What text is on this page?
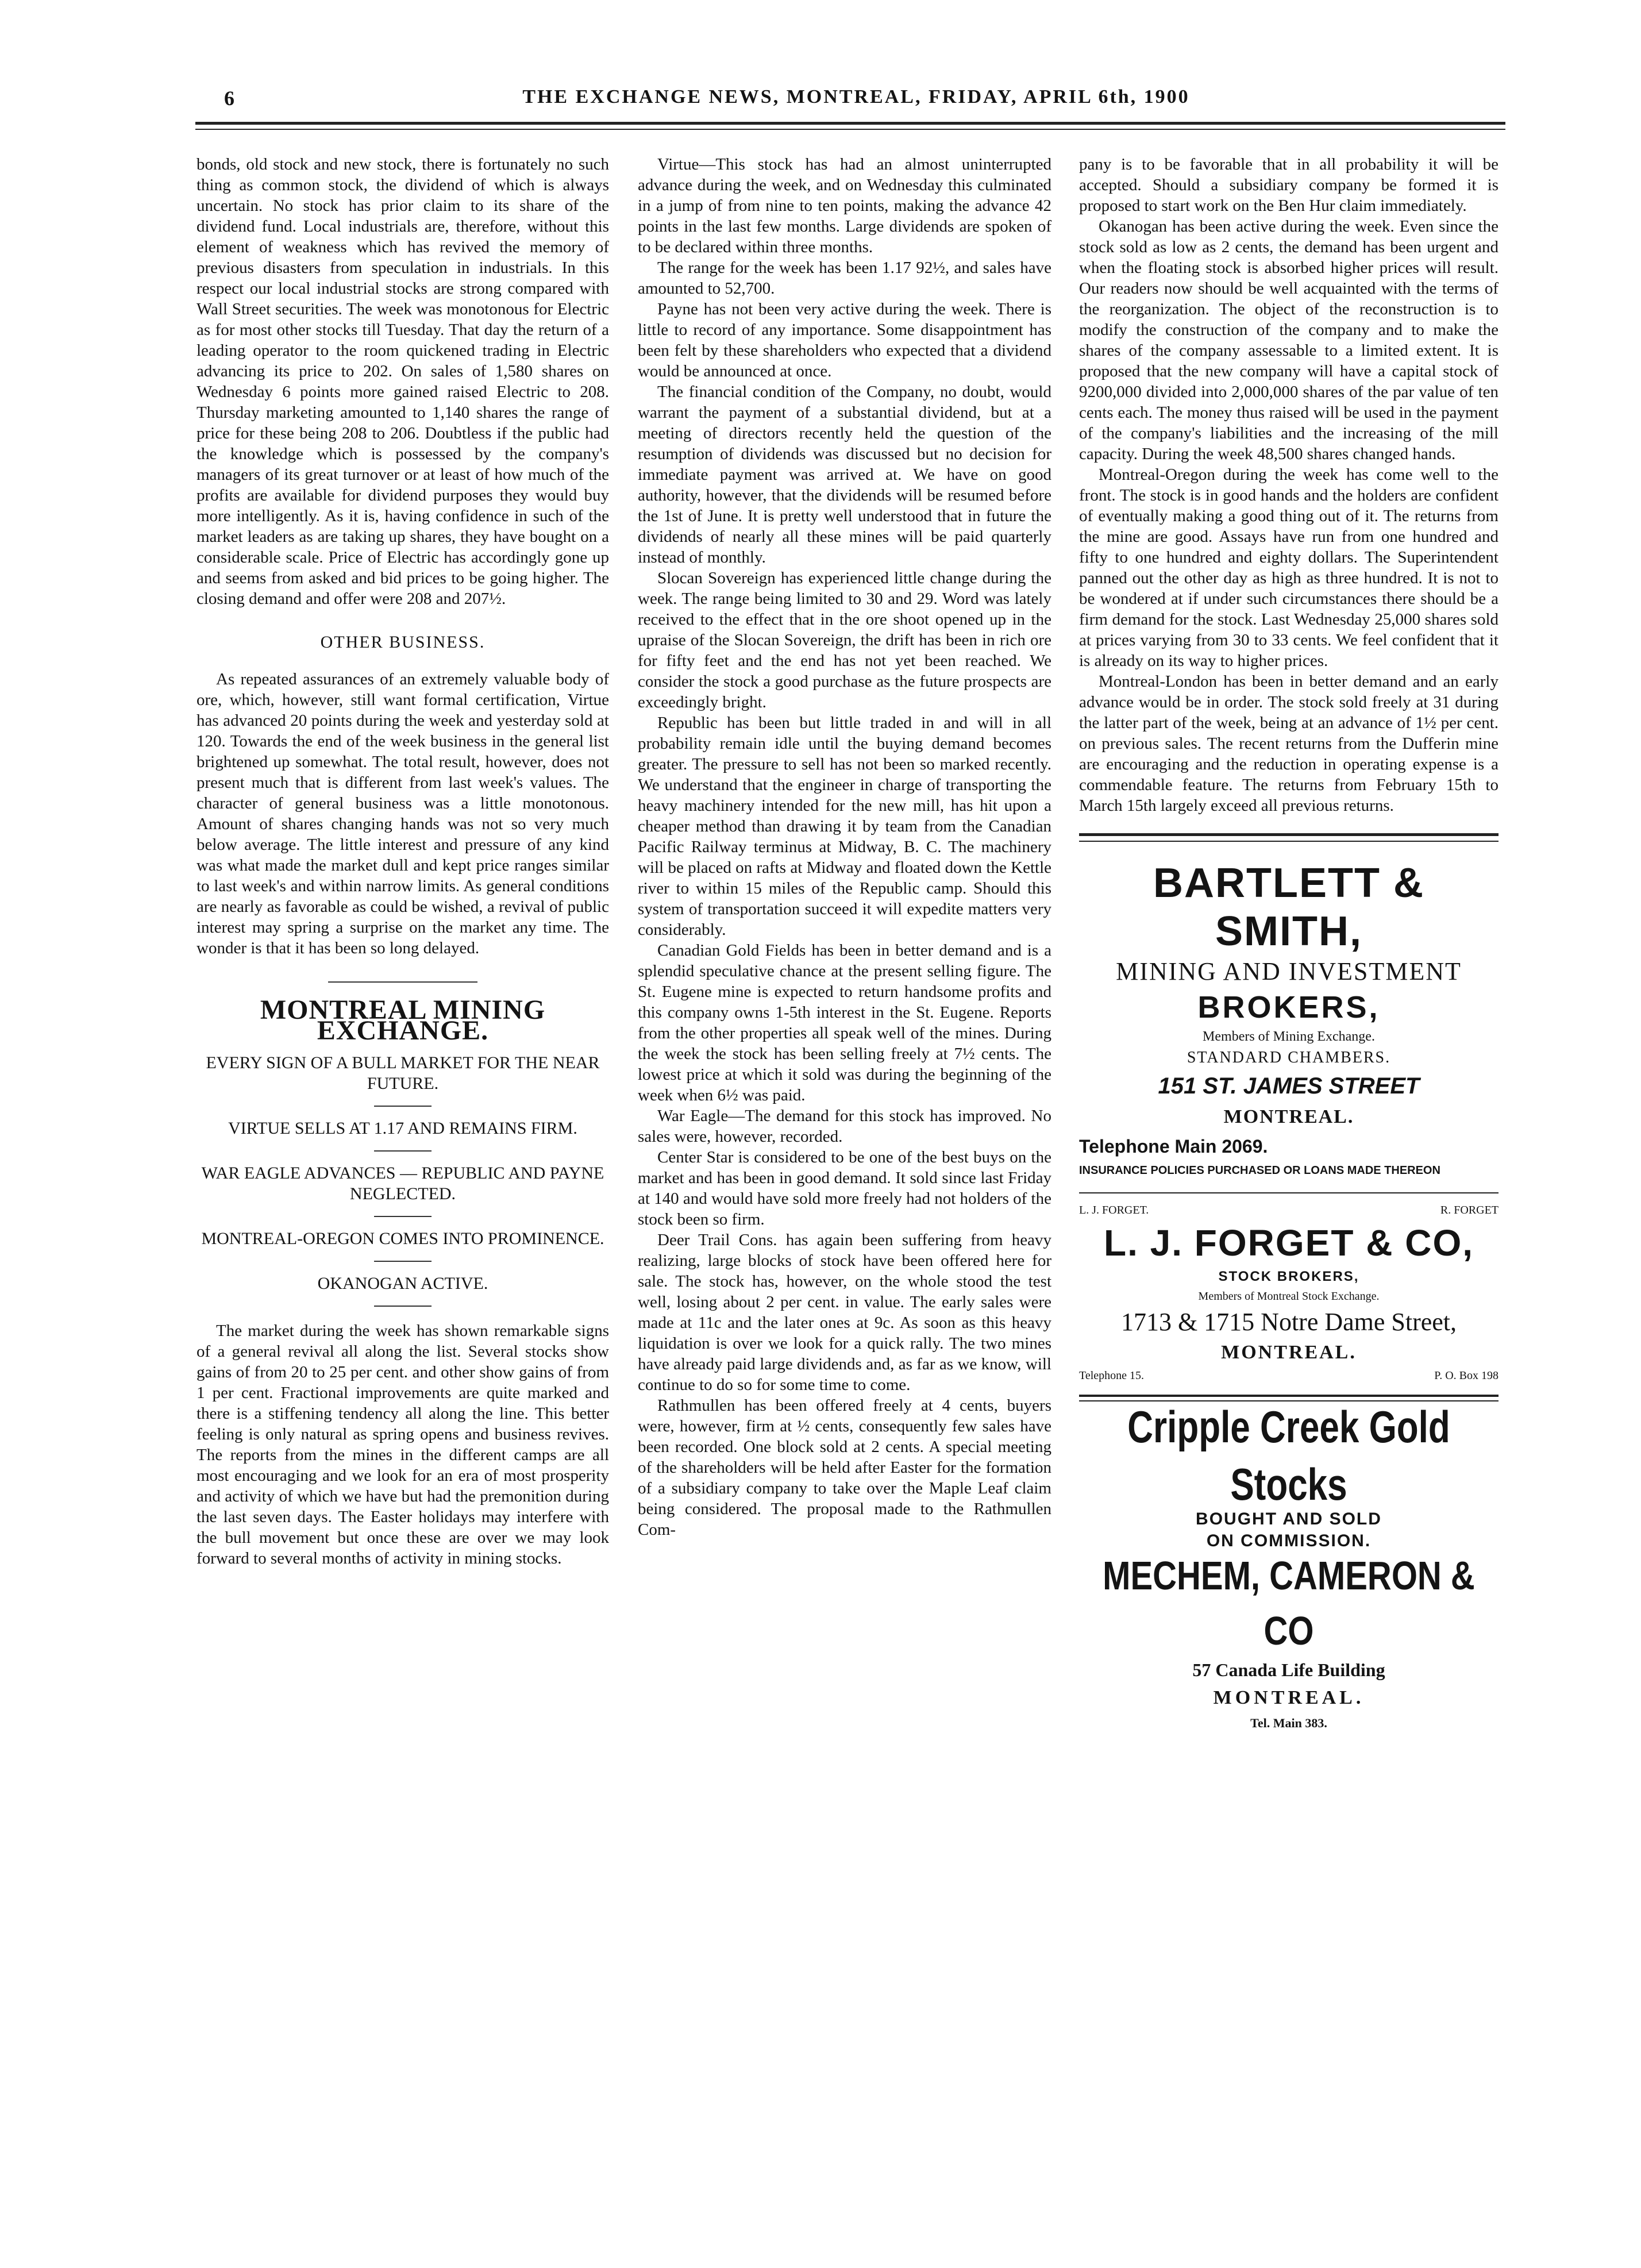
6	THE EXCHANGE NEWS, MONTREAL, FRIDAY, APRIL 6th, 1900

bonds, old stock and new stock, there is fortunately no such thing as common stock, the dividend of which is always uncertain. No stock has prior claim to its share of the dividend fund. Local industrials are, therefore, without this element of weakness which has revived the memory of previous disasters from speculation in industrials. In this respect our local industrial stocks are strong compared with Wall Street securities. The week was monotonous for Electric as for most other stocks till Tuesday. That day the return of a leading operator to the room quickened trading in Electric advancing its price to 202. On sales of 1,580 shares on Wednesday 6 points more gained raised Electric to 208. Thursday marketing amounted to 1,140 shares the range of price for these being 208 to 206. Doubtless if the public had the knowledge which is possessed by the company's managers of its great turnover or at least of how much of the profits are available for dividend purposes they would buy more intelligently. As it is, having confidence in such of the market leaders as are taking up shares, they have bought on a considerable scale. Price of Electric has accordingly gone up and seems from asked and bid prices to be going higher. The closing demand and offer were 208 and 207½.

OTHER BUSINESS.

As repeated assurances of an extremely valuable body of ore, which, however, still want formal certification, Virtue has advanced 20 points during the week and yesterday sold at 120. Towards the end of the week business in the general list brightened up somewhat. The total result, however, does not present much that is different from last week's values. The character of general business was a little monotonous. Amount of shares changing hands was not so very much below average. The little interest and pressure of any kind was what made the market dull and kept price ranges similar to last week's and within narrow limits. As general conditions are nearly as favorable as could be wished, a revival of public interest may spring a surprise on the market any time. The wonder is that it has been so long delayed.

MONTREAL MINING EXCHANGE.
EVERY SIGN OF A BULL MARKET FOR THE NEAR FUTURE.
VIRTUE SELLS AT 1.17 AND REMAINS FIRM.
WAR EAGLE ADVANCES — REPUBLIC AND PAYNE NEGLECTED.
MONTREAL-OREGON COMES INTO PROMINENCE.
OKANOGAN ACTIVE.

The market during the week has shown remarkable signs of a general revival all along the list. Several stocks show gains of from 20 to 25 per cent. and other show gains of from 1 per cent. Fractional improvements are quite marked and there is a stiffening tendency all along the line. This better feeling is only natural as spring opens and business revives. The reports from the mines in the different camps are all most encouraging and we look for an era of most prosperity and activity of which we have but had the premonition during the last seven days. The Easter holidays may interfere with the bull movement but once these are over we may look forward to several months of activity in mining stocks.

Virtue—This stock has had an almost uninterrupted advance during the week, and on Wednesday this culminated in a jump of from nine to ten points, making the advance 42 points in the last few months. Large dividends are spoken of to be declared within three months.

The range for the week has been 1.17 92½, and sales have amounted to 52,700.

Payne has not been very active during the week. There is little to record of any importance. Some disappointment has been felt by these shareholders who expected that a dividend would be announced at once.

The financial condition of the Company, no doubt, would warrant the payment of a substantial dividend, but at a meeting of directors recently held the question of the resumption of dividends was discussed but no decision for immediate payment was arrived at. We have on good authority, however, that the dividends will be resumed before the 1st of June. It is pretty well understood that in future the dividends of nearly all these mines will be paid quarterly instead of monthly.

Slocan Sovereign has experienced little change during the week. The range being limited to 30 and 29. Word was lately received to the effect that in the ore shoot opened up in the upraise of the Slocan Sovereign, the drift has been in rich ore for fifty feet and the end has not yet been reached. We consider the stock a good purchase as the future prospects are exceedingly bright.

Republic has been but little traded in and will in all probability remain idle until the buying demand becomes greater. The pressure to sell has not been so marked recently. We understand that the engineer in charge of transporting the heavy machinery intended for the new mill, has hit upon a cheaper method than drawing it by team from the Canadian Pacific Railway terminus at Midway, B. C. The machinery will be placed on rafts at Midway and floated down the Kettle river to within 15 miles of the Republic camp. Should this system of transportation succeed it will expedite matters very considerably.

Canadian Gold Fields has been in better demand and is a splendid speculative chance at the present selling figure. The St. Eugene mine is expected to return handsome profits and this company owns 1-5th interest in the St. Eugene. Reports from the other properties all speak well of the mines. During the week the stock has been selling freely at 7½ cents. The lowest price at which it sold was during the beginning of the week when 6½ was paid.

War Eagle—The demand for this stock has improved. No sales were, however, recorded.

Center Star is considered to be one of the best buys on the market and has been in good demand. It sold since last Friday at 140 and would have sold more freely had not holders of the stock been so firm.

Deer Trail Cons. has again been suffering from heavy realizing, large blocks of stock have been offered here for sale. The stock has, however, on the whole stood the test well, losing about 2 per cent. in value. The early sales were made at 11c and the later ones at 9c. As soon as this heavy liquidation is over we look for a quick rally. The two mines have already paid large dividends and, as far as we know, will continue to do so for some time to come.

Rathmullen has been offered freely at 4 cents, buyers were, however, firm at ½ cents, consequently few sales have been recorded. One block sold at 2 cents. A special meeting of the shareholders will be held after Easter for the formation of a subsidiary company to take over the Maple Leaf claim being considered. The proposal made to the Rathmullen Com-

pany is to be favorable that in all probability it will be accepted. Should a subsidiary company be formed it is proposed to start work on the Ben Hur claim immediately.

Okanogan has been active during the week. Even since the stock sold as low as 2 cents, the demand has been urgent and when the floating stock is absorbed higher prices will result. Our readers now should be well acquainted with the terms of the reorganization. The object of the reconstruction is to modify the construction of the company and to make the shares of the company assessable to a limited extent. It is proposed that the new company will have a capital stock of 9200,000 divided into 2,000,000 shares of the par value of ten cents each. The money thus raised will be used in the payment of the company's liabilities and the increasing of the mill capacity. During the week 48,500 shares changed hands.

Montreal-Oregon during the week has come well to the front. The stock is in good hands and the holders are confident of eventually making a good thing out of it. The returns from the mine are good. Assays have run from one hundred and fifty to one hundred and eighty dollars. The Superintendent panned out the other day as high as three hundred. It is not to be wondered at if under such circumstances there should be a firm demand for the stock. Last Wednesday 25,000 shares sold at prices varying from 30 to 33 cents. We feel confident that it is already on its way to higher prices.

Montreal-London has been in better demand and an early advance would be in order. The stock sold freely at 31 during the latter part of the week, being at an advance of 1½ per cent. on previous sales. The recent returns from the Dufferin mine are encouraging and the reduction in operating expense is a commendable feature. The returns from February 15th to March 15th largely exceed all previous returns.

BARTLETT & SMITH,
MINING AND INVESTMENT
BROKERS,
Members of Mining Exchange.
STANDARD CHAMBERS.
151 ST. JAMES STREET
MONTREAL.
Telephone Main 2069.
INSURANCE POLICIES PURCHASED OR LOANS MADE THEREON
L. J. FORGET.	R. FORGET
L. J. FORGET & CO,
STOCK BROKERS,
Members of Montreal Stock Exchange.
1713 & 1715 Notre Dame Street,
MONTREAL.
Telephone 15.	P. O. Box 198
Cripple Creek Gold Stocks
BOUGHT AND SOLD
ON COMMISSION.
MECHEM, CAMERON & CO
57 Canada Life Building
MONTREAL.
Tel. Main 383.
